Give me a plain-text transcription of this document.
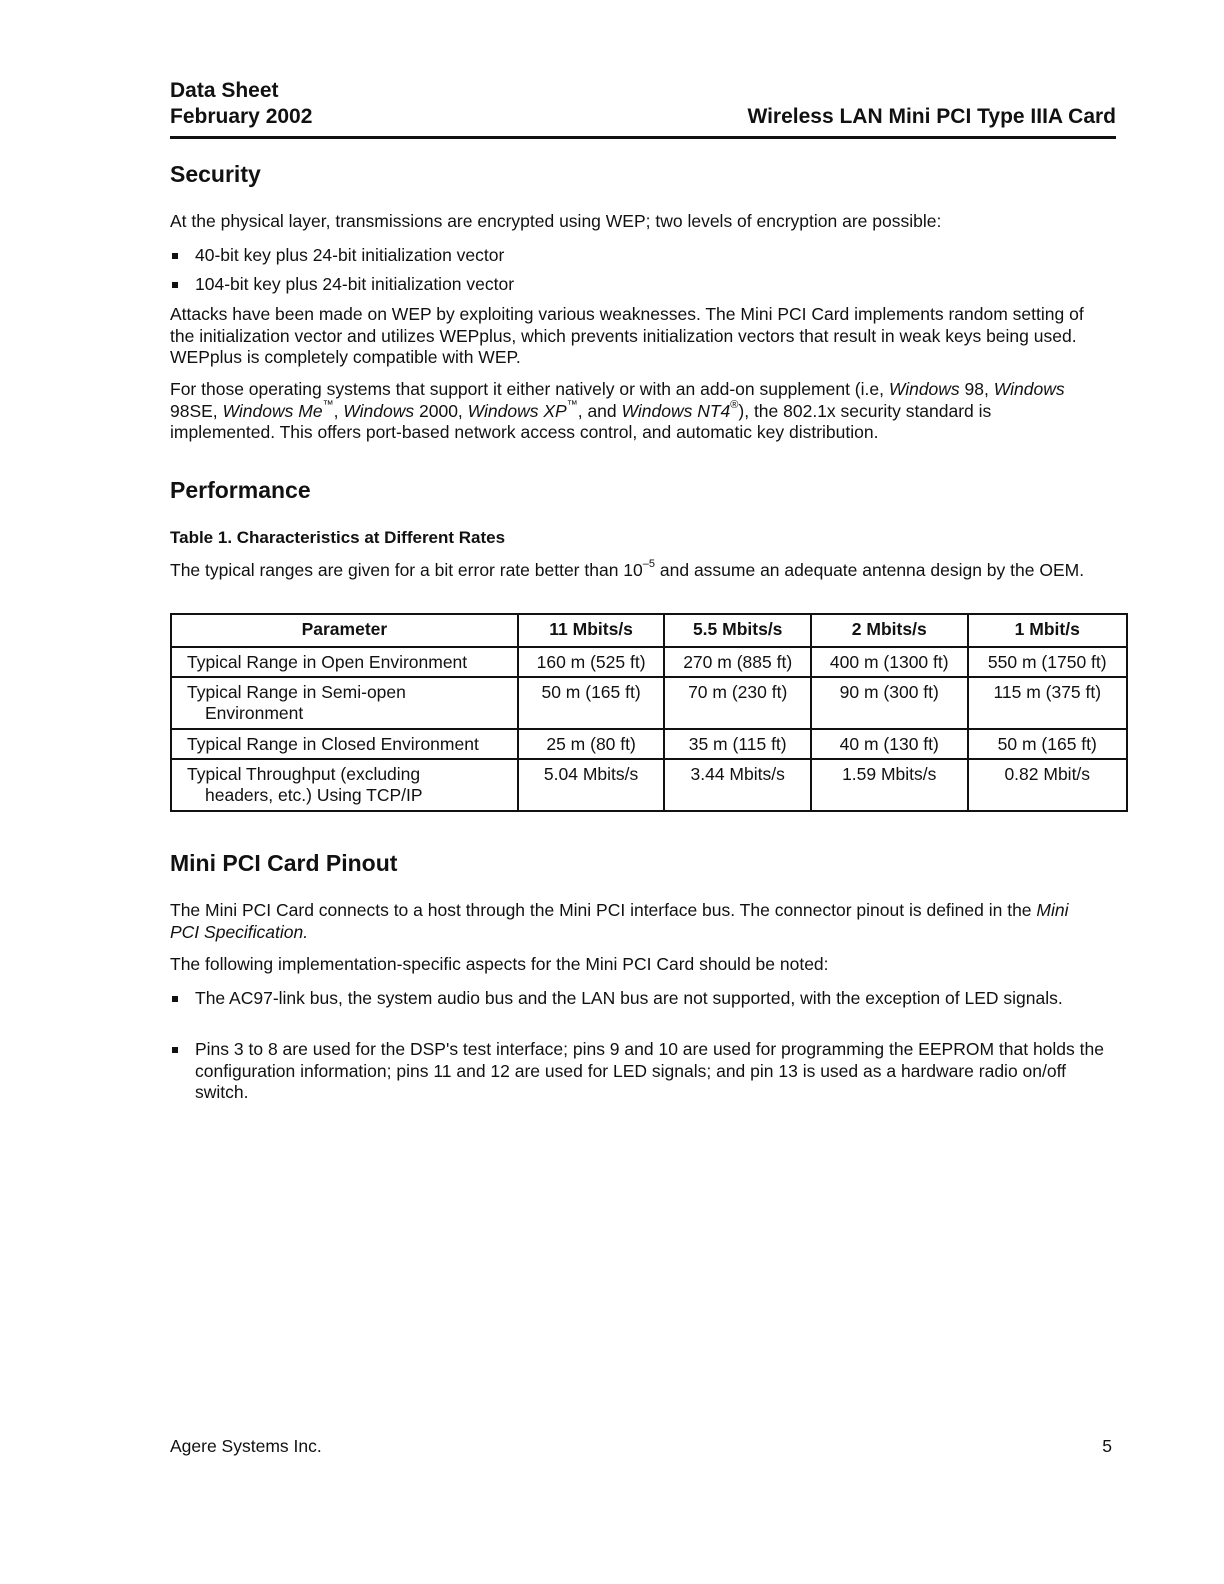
Data Sheet
February 2002	Wireless LAN Mini PCI Type IIIA Card
Security

At the physical layer, transmissions are encrypted using WEP; two levels of encryption are possible:

40-bit key plus 24-bit initialization vector
104-bit key plus 24-bit initialization vector

Attacks have been made on WEP by exploiting various weaknesses. The Mini PCI Card implements random setting of the initialization vector and utilizes WEPplus, which prevents initialization vectors that result in weak keys being used. WEPplus is completely compatible with WEP.

For those operating systems that support it either natively or with an add-on supplement (i.e, Windows 98, Windows 98SE, Windows Me™, Windows 2000, Windows XP™, and Windows NT4®), the 802.1x security standard is implemented. This offers port-based network access control, and automatic key distribution.

Performance
Table 1. Characteristics at Different Rates

The typical ranges are given for a bit error rate better than $10^{-5}$ and assume an adequate antenna design by the OEM.

Parameter	11 Mbits/s	5.5 Mbits/s	2 Mbits/s	1 Mbit/s

Typical Range in Open Environment	160 m (525 ft)	270 m (885 ft)	400 m (1300 ft)	550 m (1750 ft)

Typical Range in Semi-open Environment	50 m (165 ft)	70 m (230 ft)	90 m (300 ft)	115 m (375 ft)

Typical Range in Closed Environment	25 m (80 ft)	35 m (115 ft)	40 m (130 ft)	50 m (165 ft)

Typical Throughput (excluding headers, etc.) Using TCP/IP	5.04 Mbits/s	3.44 Mbits/s	1.59 Mbits/s	0.82 Mbit/s
Mini PCI Card Pinout

The Mini PCI Card connects to a host through the Mini PCI interface bus. The connector pinout is defined in the Mini PCI Specification.

The following implementation-specific aspects for the Mini PCI Card should be noted:

The AC97-link bus, the system audio bus and the LAN bus are not supported, with the exception of LED signals.
Pins 3 to 8 are used for the DSP's test interface; pins 9 and 10 are used for programming the EEPROM that holds the configuration information; pins 11 and 12 are used for LED signals; and pin 13 is used as a hardware radio on/off switch.
Agere Systems Inc.	5
